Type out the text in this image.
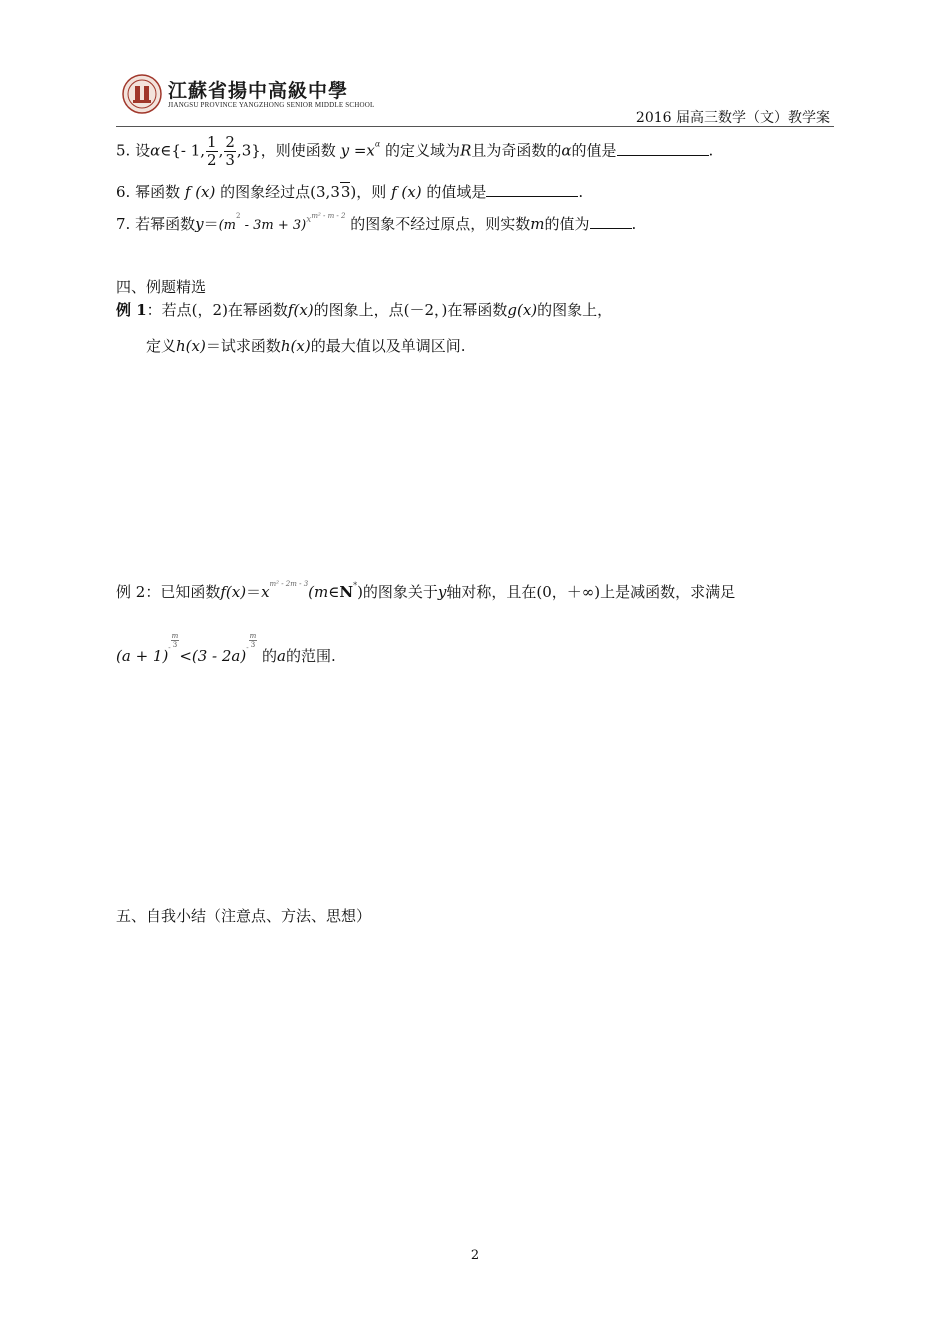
江蘇省揚中高級中學
JIANGSU PROVINCE YANGZHONG SENIOR MIDDLE SCHOOL
2016 届高三数学（文）教学案
5. 设α∈{- 1, $\frac{1}{2}$ , $\frac{2}{3} ,3$}，则使函数 $y =x^\alpha$ 的定义域为R且为奇函数的α的值是	.
6. 幂函数 f (x) 的图象经过点(3,33)，则 f (x) 的值域是	.
7. 若幂函数$y=(m^2 - 3m + 3)^{xm^2 - m - 2}$ 的图象不经过原点，则实数m的值为	.
四、例题精选
例 1：若点(，2)在幂函数f(x)的图象上，点(－2，)在幂函数g(x)的图象上，
定义h(x)＝试求函数h(x)的最大值以及单调区间.
例 2：已知函数$f(x)=x^{m^2 - 2m - 3}(m\in N^*)$的图象关于y轴对称，且在(0，＋∞)上是减函数，求满足
$(a + 1)^- \frac{m}{3}<(3 - 2a)^- \frac{m}{3}$ 的a的范围.
五、自我小结（注意点、方法、思想）
2
